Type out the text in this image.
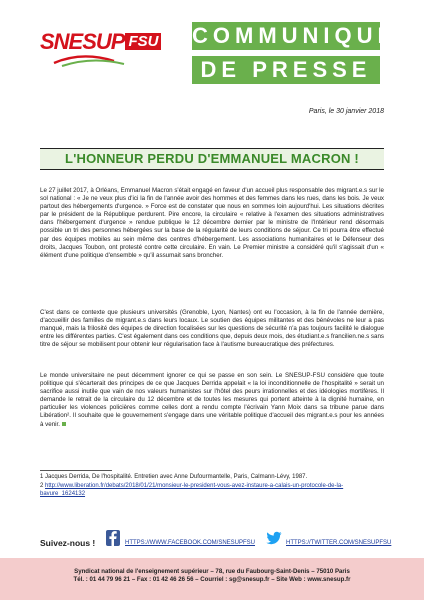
SNESUP FSU COMMUNIQUÉ
DE PRESSE
Paris, le 30 janvier 2018
L'HONNEUR PERDU D'EMMANUEL MACRON !

Le 27 juillet 2017, à Orléans, Emmanuel Macron s'était engagé en faveur d'un accueil plus responsable des migrant.e.s sur le sol national : « Je ne veux plus d'ici la fin de l'année avoir des hommes et des femmes dans les rues, dans les bois. Je veux partout des hébergements d'urgence. » Force est de constater que nous en sommes loin aujourd'hui. Les situations décrites par le président de la République perdurent. Pire encore, la circulaire « relative à l'examen des situations administratives dans l'hébergement d'urgence » rendue publique le 12 décembre dernier par le ministre de l'Intérieur rend désormais possible un tri des personnes hébergées sur la base de la régularité de leurs conditions de séjour. Ce tri pourra être effectué par des équipes mobiles au sein même des centres d'hébergement. Les associations humanitaires et le Défenseur des droits, Jacques Toubon, ont protesté contre cette circulaire. En vain. Le Premier ministre a considéré qu'il s'agissait d'un « élément d'une politique d'ensemble » qu'il assumait sans broncher.

C'est dans ce contexte que plusieurs universités (Grenoble, Lyon, Nantes) ont eu l'occasion, à la fin de l'année dernière, d'accueillir des familles de migrant.e.s dans leurs locaux. Le soutien des équipes militantes et des bénévoles ne leur a pas manqué, mais la frilosité des équipes de direction focalisées sur les questions de sécurité n'a pas toujours facilité le dialogue entre les différentes parties. C'est également dans ces conditions que, depuis deux mois, des étudiant.e.s francilien.ne.s sans titre de séjour se mobilisent pour obtenir leur régularisation face à l'autisme bureaucratique des préfectures.

Le monde universitaire ne peut décemment ignorer ce qui se passe en son sein. Le SNESUP-FSU considère que toute politique qui s'écarterait des principes de ce que Jacques Derrida appelait « la loi inconditionnelle de l'hospitalité » serait un sacrifice aussi inutile que vain de nos valeurs humanistes sur l'hôtel des peurs irrationnelles et des idéologies mortifères. Il demande le retrait de la circulaire du 12 décembre et de toutes les mesures qui portent atteinte à la dignité humaine, en particulier les violences policières comme celles dont a rendu compte l'écrivain Yann Moix dans sa tribune parue dans Libération². Il souhaite que le gouvernement s'engage dans une véritable politique d'accueil des migrant.e.s pour les années à venir.

1 Jacques Derrida, De l'hospitalité. Entretien avec Anne Dufourmantelle, Paris, Calmann-Lévy, 1987.

2 http://www.liberation.fr/debats/2018/01/21/monsieur-le-president-vous-avez-instaure-a-calais-un-protocole-de-la-bavure_1624132

Suivez-nous !	HTTPS://WWW.FACEBOOK.COM/SNESUPFSU	HTTPS://TWITTER.COM/SNESUPFSU
Syndicat national de l'enseignement supérieur – 78, rue du Faubourg-Saint-Denis – 75010 Paris
Tél. : 01 44 79 96 21 – Fax : 01 42 46 26 56 – Courriel : sg@snesup.fr – Site Web : www.snesup.fr
